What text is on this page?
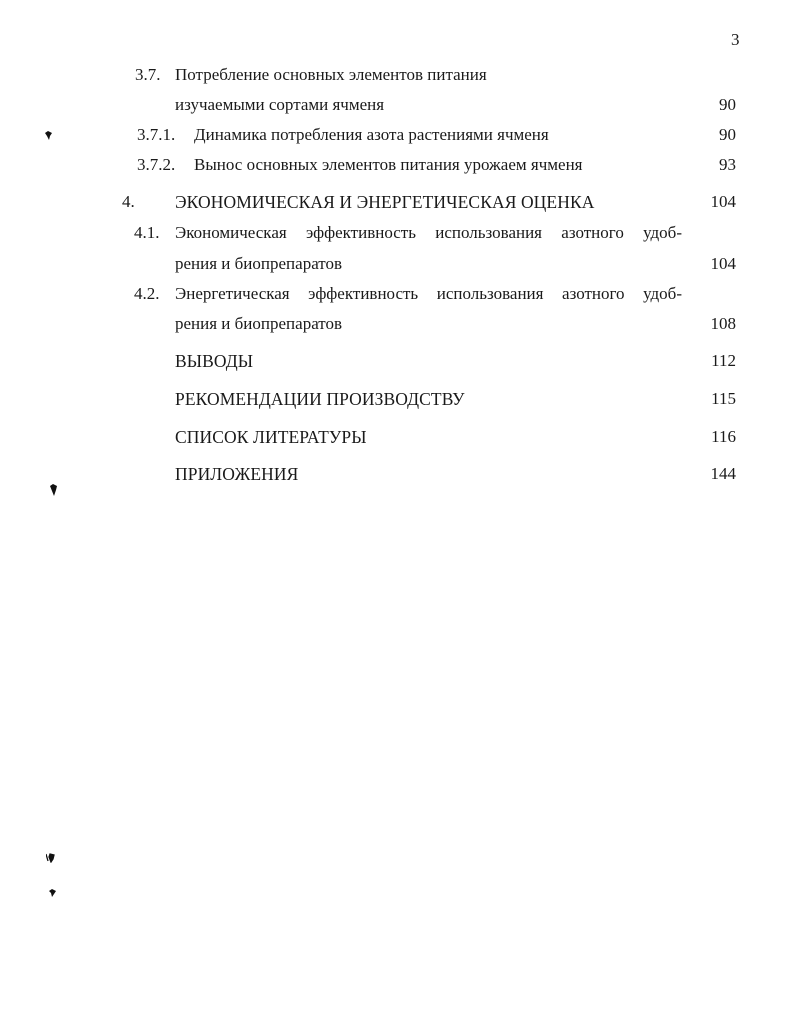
3
3.7. Потребление основных элементов питания
изучаемыми сортами ячменя	90
3.7.1. Динамика потребления азота растениями ячменя	90
3.7.2. Вынос основных элементов питания урожаем ячменя	93
4. ЭКОНОМИЧЕСКАЯ И ЭНЕРГЕТИЧЕСКАЯ ОЦЕНКА	104
4.1. Экономическая эффективность использования азотного удоб-
рения и биопрепаратов	104
4.2. Энергетическая эффективность использования азотного удоб-
рения и биопрепаратов	108
ВЫВОДЫ	112
РЕКОМЕНДАЦИИ ПРОИЗВОДСТВУ	115
СПИСОК ЛИТЕРАТУРЫ	116
ПРИЛОЖЕНИЯ	144
